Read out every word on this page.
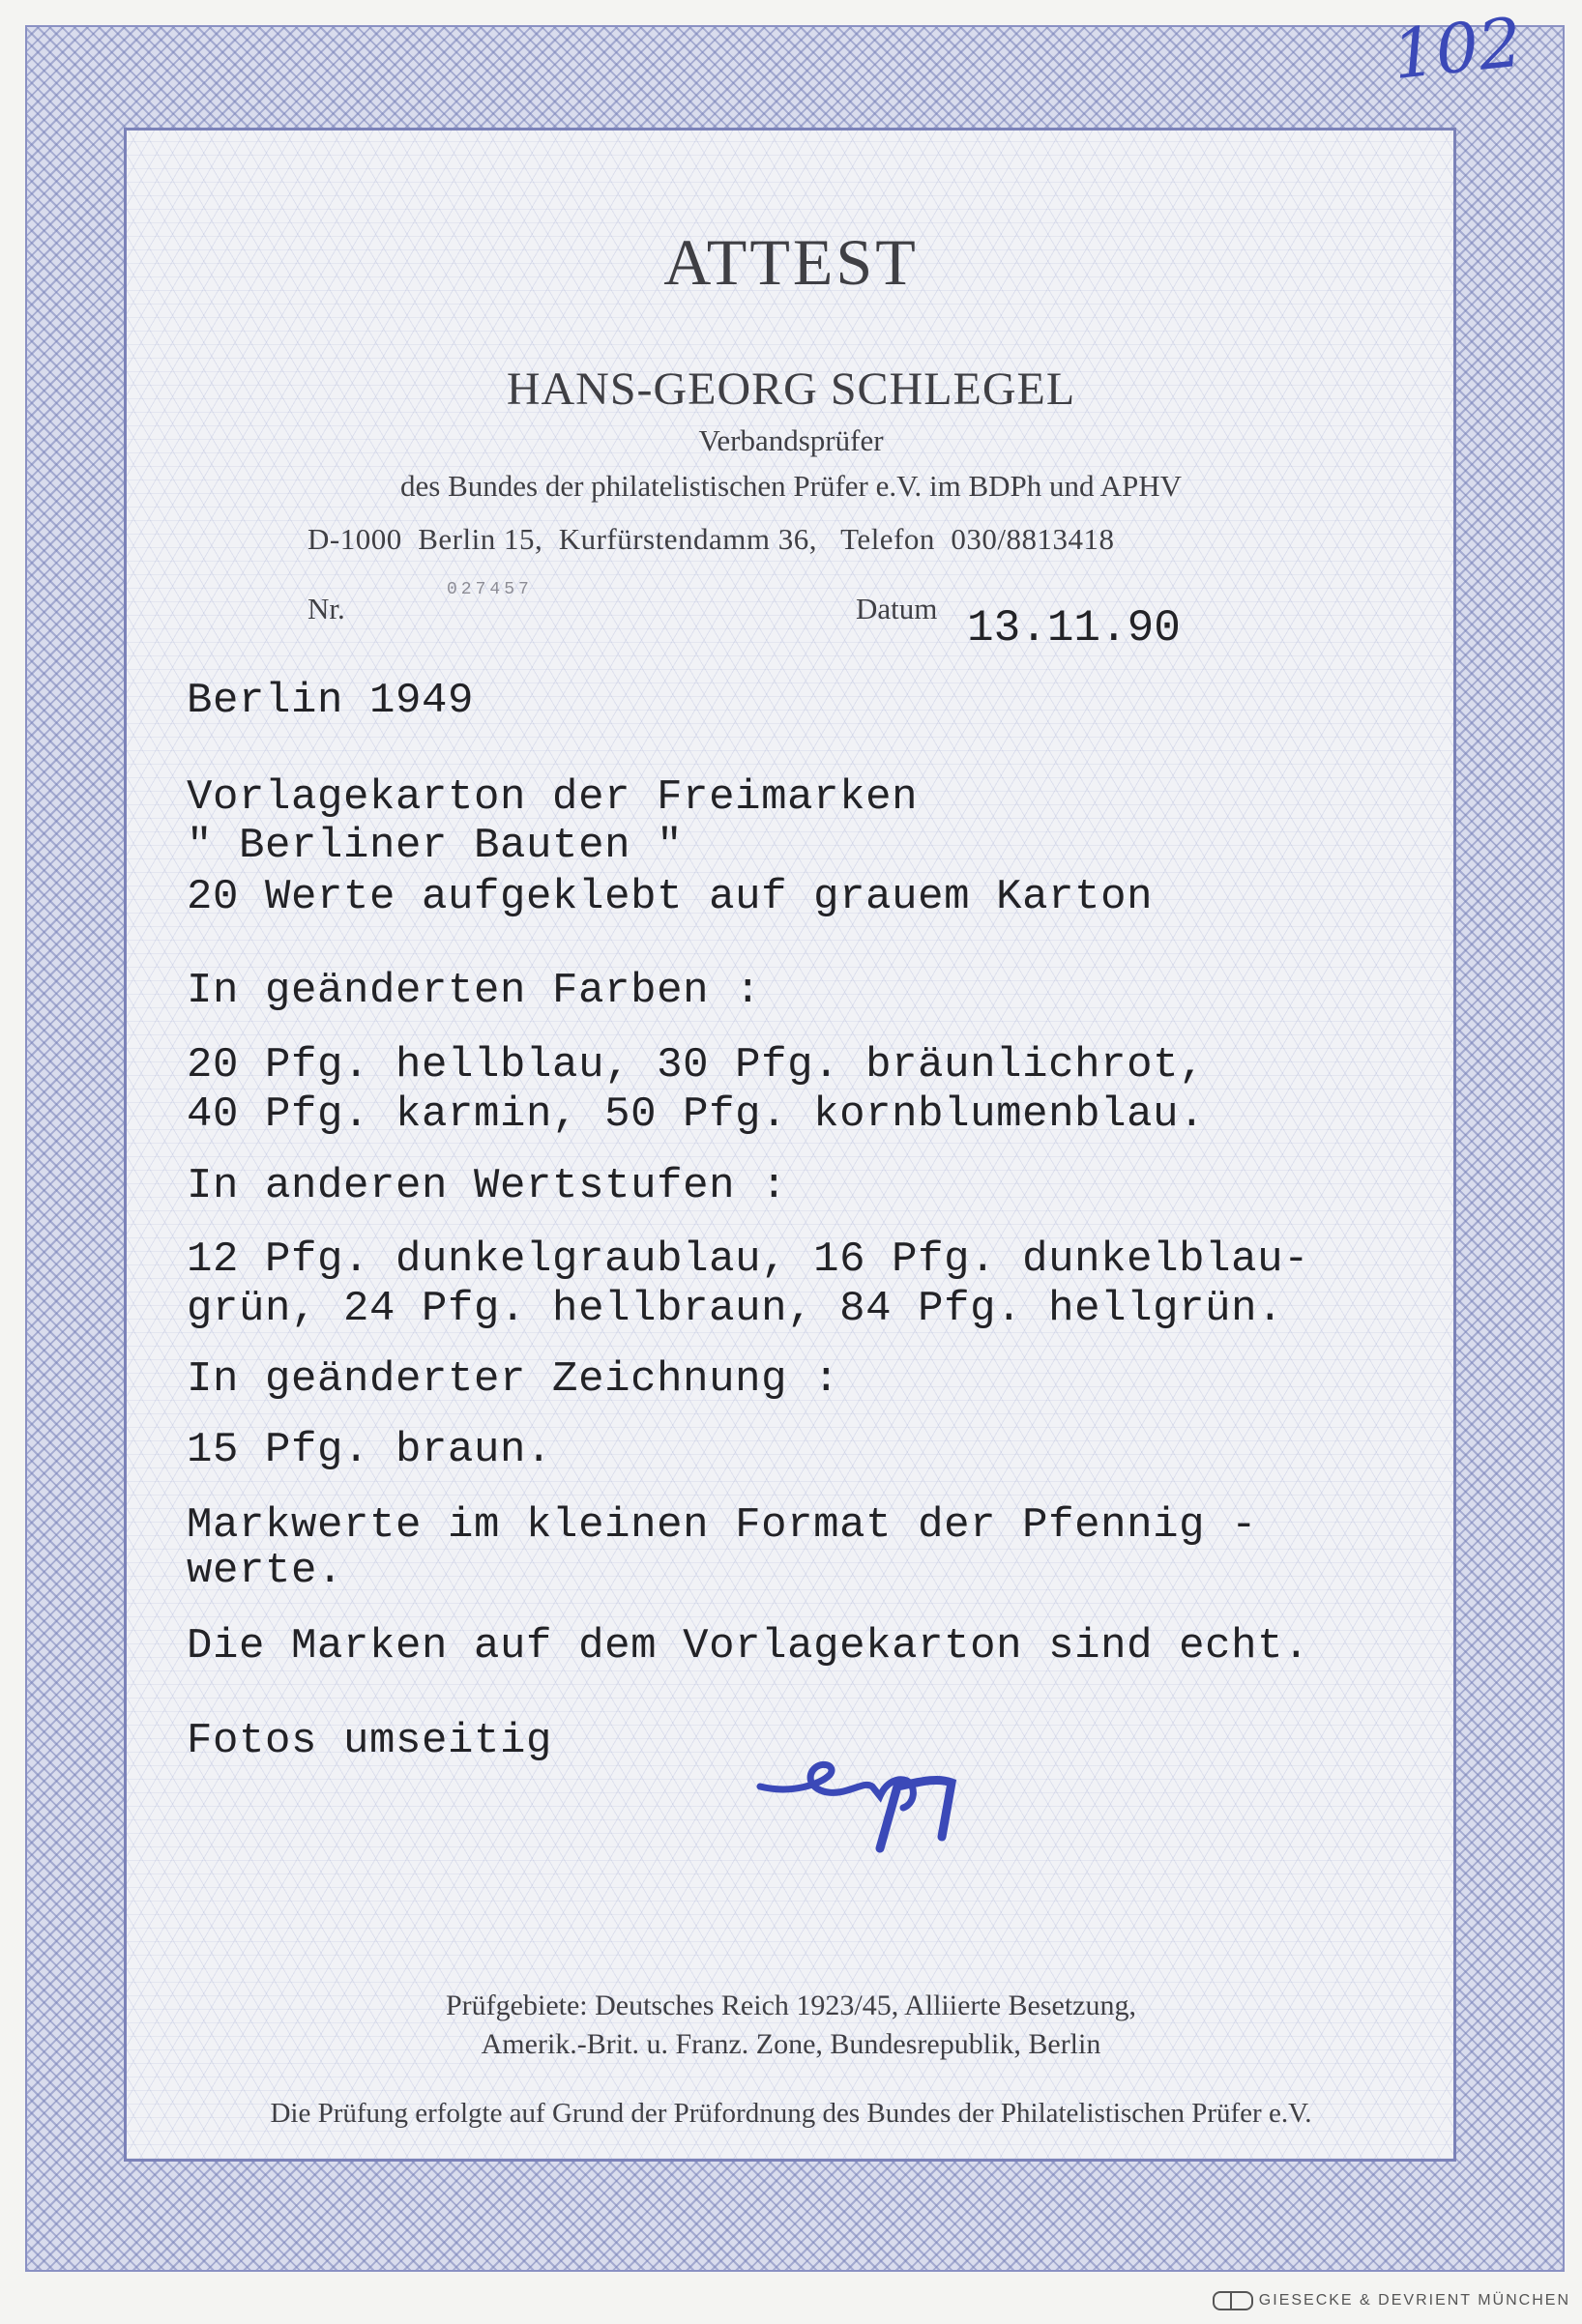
102
ATTEST
HANS-GEORG SCHLEGEL
Verbandsprüfer
des Bundes der philatelistischen Prüfer e.V. im BDPh und APHV
D-1000  Berlin 15,  Kurfürstendamm 36,   Telefon  030/8813418
Nr.
027457
Datum 13.11.90
Berlin 1949
Vorlagekarton der Freimarken
" Berliner Bauten "
20 Werte aufgeklebt auf grauem Karton
In geänderten Farben :
20 Pfg. hellblau, 30 Pfg. bräunlichrot,
40 Pfg. karmin, 50 Pfg. kornblumenblau.
In anderen Wertstufen :
12 Pfg. dunkelgraublau, 16 Pfg. dunkelblau-
grün, 24 Pfg. hellbraun, 84 Pfg. hellgrün.
In geänderter Zeichnung :
15 Pfg. braun.
Markwerte im kleinen Format der Pfennig -
werte.
Die Marken auf dem Vorlagekarton sind echt.
Fotos umseitig
Prüfgebiete: Deutsches Reich 1923/45, Alliierte Besetzung,
Amerik.-Brit. u. Franz. Zone, Bundesrepublik, Berlin
Die Prüfung erfolgte auf Grund der Prüfordnung des Bundes der Philatelistischen Prüfer e.V.
GIESECKE & DEVRIENT MÜNCHEN
